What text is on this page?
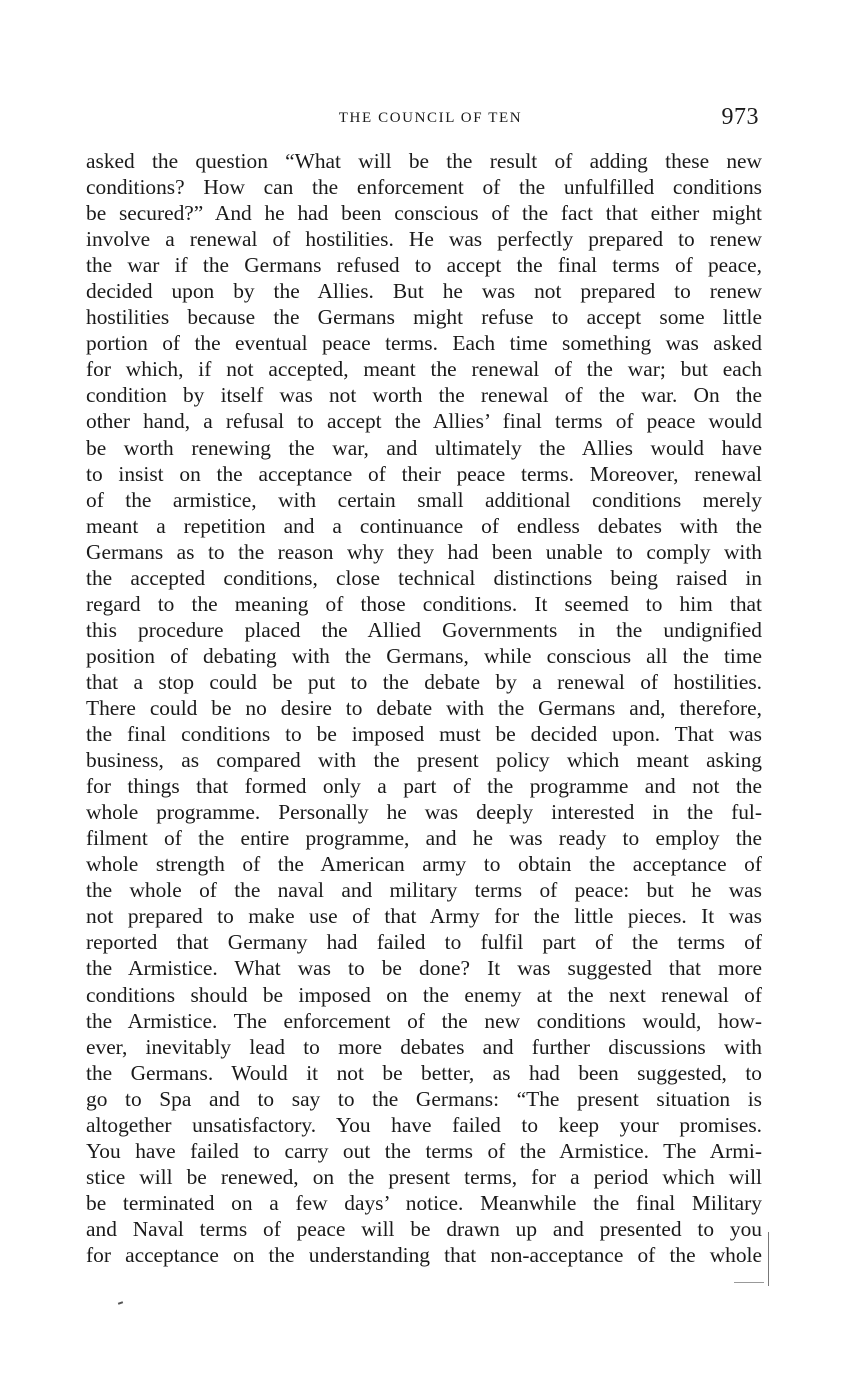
THE COUNCIL OF TEN	973
asked the question “What will be the result of adding these new
conditions? How can the enforcement of the unfulfilled conditions
be secured?” And he had been conscious of the fact that either might
involve a renewal of hostilities. He was perfectly prepared to renew
the war if the Germans refused to accept the final terms of peace,
decided upon by the Allies. But he was not prepared to renew
hostilities because the Germans might refuse to accept some little
portion of the eventual peace terms. Each time something was asked
for which, if not accepted, meant the renewal of the war; but each
condition by itself was not worth the renewal of the war. On the
other hand, a refusal to accept the Allies’ final terms of peace would
be worth renewing the war, and ultimately the Allies would have
to insist on the acceptance of their peace terms. Moreover, renewal
of the armistice, with certain small additional conditions merely
meant a repetition and a continuance of endless debates with the
Germans as to the reason why they had been unable to comply with
the accepted conditions, close technical distinctions being raised in
regard to the meaning of those conditions. It seemed to him that
this procedure placed the Allied Governments in the undignified
position of debating with the Germans, while conscious all the time
that a stop could be put to the debate by a renewal of hostilities.
There could be no desire to debate with the Germans and, therefore,
the final conditions to be imposed must be decided upon. That was
business, as compared with the present policy which meant asking
for things that formed only a part of the programme and not the
whole programme. Personally he was deeply interested in the ful-
filment of the entire programme, and he was ready to employ the
whole strength of the American army to obtain the acceptance of
the whole of the naval and military terms of peace: but he was
not prepared to make use of that Army for the little pieces. It was
reported that Germany had failed to fulfil part of the terms of
the Armistice. What was to be done? It was suggested that more
conditions should be imposed on the enemy at the next renewal of
the Armistice. The enforcement of the new conditions would, how-
ever, inevitably lead to more debates and further discussions with
the Germans. Would it not be better, as had been suggested, to
go to Spa and to say to the Germans: “The present situation is
altogether unsatisfactory. You have failed to keep your promises.
You have failed to carry out the terms of the Armistice. The Armi-
stice will be renewed, on the present terms, for a period which will
be terminated on a few days’ notice. Meanwhile the final Military
and Naval terms of peace will be drawn up and presented to you
for acceptance on the understanding that non-acceptance of the whole
